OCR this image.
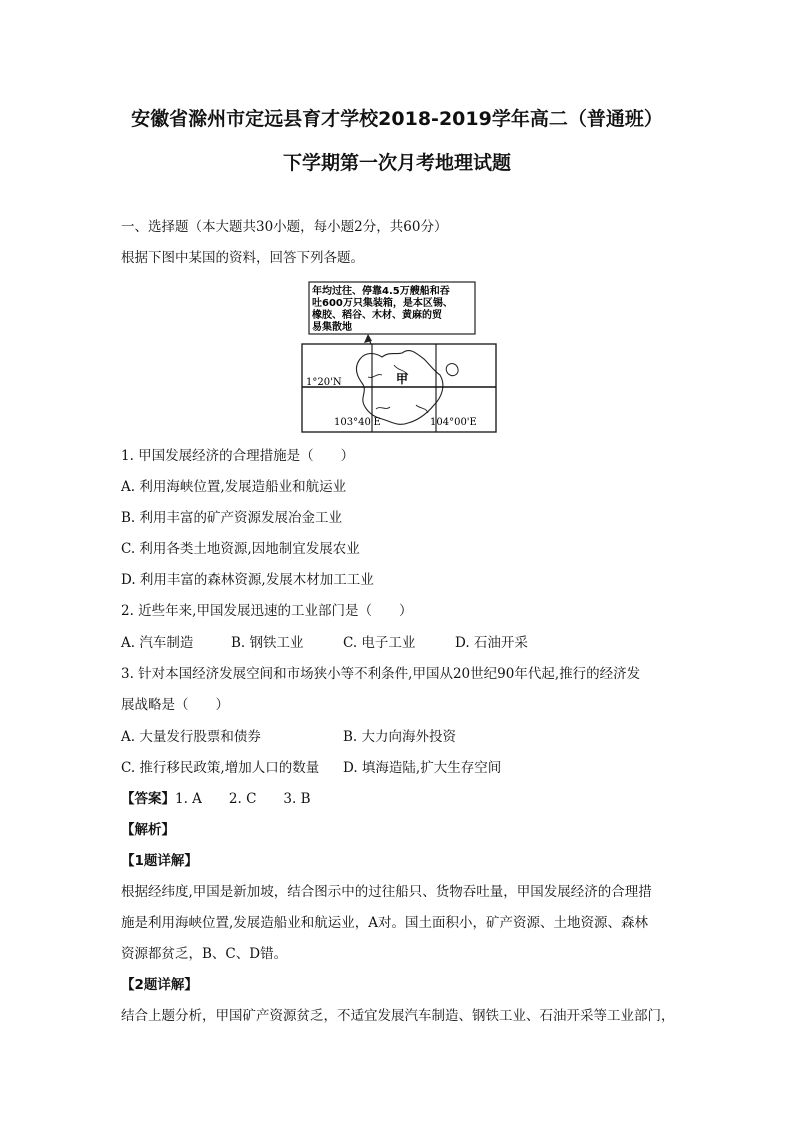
安徽省滁州市定远县育才学校2018-2019学年高二（普通班）
下学期第一次月考地理试题
一、选择题（本大题共30小题，每小题2分，共60分）
根据下图中某国的资料，回答下列各题。
年均过往、停靠4.5万艘船和吞
吐600万只集装箱，是本区锡、
橡胶、稻谷、木材、黄麻的贸
易集散地
甲
1°20'N
103°40'E	104°00'E
1. 甲国发展经济的合理措施是（　　）
A. 利用海峡位置,发展造船业和航运业
B. 利用丰富的矿产资源发展冶金工业
C. 利用各类土地资源,因地制宜发展农业
D. 利用丰富的森林资源,发展木材加工工业
2. 近些年来,甲国发展迅速的工业部门是（　　）
A. 汽车制造	B. 钢铁工业	C. 电子工业	D. 石油开采
3. 针对本国经济发展空间和市场狭小等不利条件,甲国从20世纪90年代起,推行的经济发
展战略是（　　）
A. 大量发行股票和债券	B. 大力向海外投资
C. 推行移民政策,增加人口的数量 D. 填海造陆,扩大生存空间
【答案】1. A　　2. C　　3. B
【解析】
【1题详解】
根据经纬度,甲国是新加坡，结合图示中的过往船只、货物吞吐量，甲国发展经济的合理措
施是利用海峡位置,发展造船业和航运业，A对。国土面积小，矿产资源、土地资源、森林
资源都贫乏，B、C、D错。
【2题详解】
结合上题分析，甲国矿产资源贫乏，不适宜发展汽车制造、钢铁工业、石油开采等工业部门，
